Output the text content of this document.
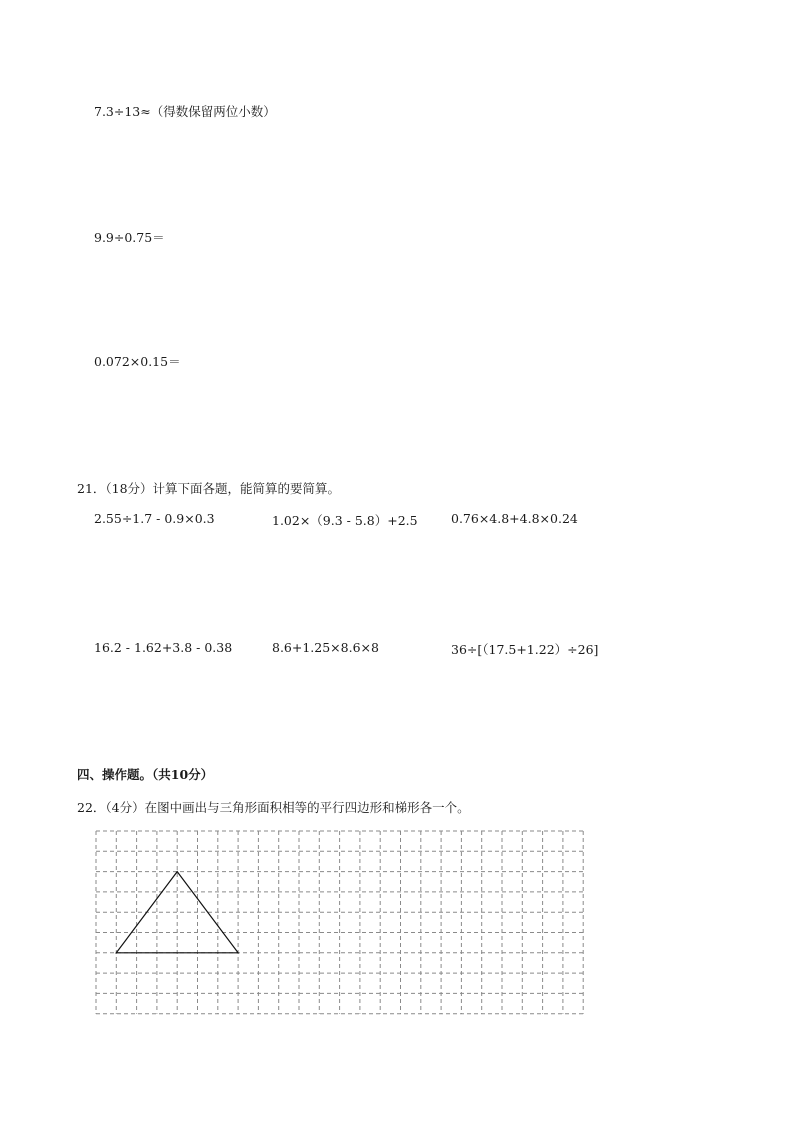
7.3÷13≈（得数保留两位小数）
9.9÷0.75＝
0.072×0.15＝
21．（18分）计算下面各题，能简算的要简算。
2.55÷1.7 - 0.9×0.3	1.02×（9.3 - 5.8）+2.5	0.76×4.8+4.8×0.24
16.2 - 1.62+3.8 - 0.38	8.6+1.25×8.6×8	36÷[（17.5+1.22）÷26]
四、操作题。（共10分）
22．（4分）在图中画出与三角形面积相等的平行四边形和梯形各一个。
